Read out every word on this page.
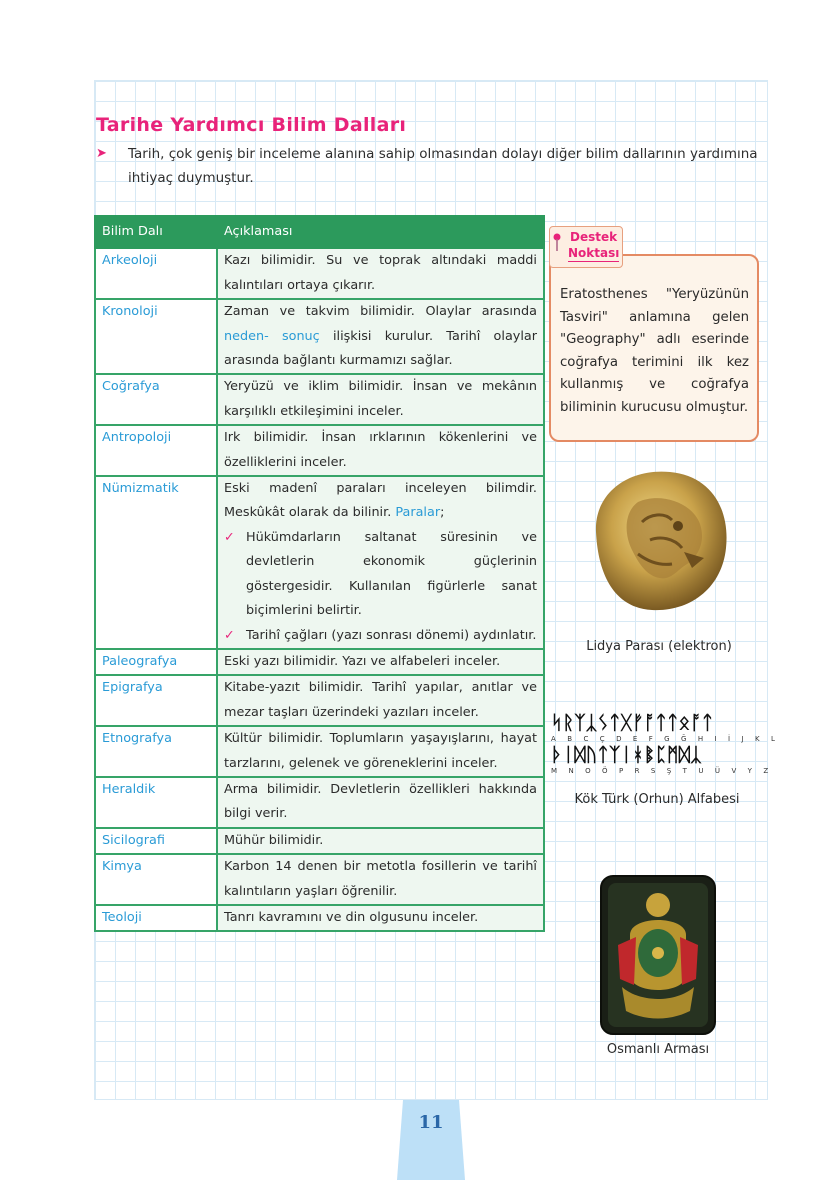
Tarihe Yardımcı Bilim Dalları
➤ Tarih, çok geniş bir inceleme alanına sahip olmasından dolayı diğer bilim dallarının yardımına ihtiyaç duymuştur.
Bilim Dalı	Açıklaması
Arkeoloji	Kazı bilimidir. Su ve toprak altındaki maddi kalıntıları ortaya çıkarır.
Kronoloji	Zaman ve takvim bilimidir. Olaylar arasında neden- sonuç ilişkisi kurulur. Tarihî olaylar arasında bağlantı kurmamızı sağlar.
Coğrafya	Yeryüzü ve iklim bilimidir. İnsan ve mekânın karşılıklı etkileşimini inceler.
Antropoloji	Irk bilimidir. İnsan ırklarının kökenlerini ve özelliklerini inceler.
Nümizmatik	Eski madenî paraları inceleyen bilimdir. Meskûkât olarak da bilinir. Paralar;
✓ Hükümdarların saltanat süresinin ve devletlerin ekonomik güçlerinin göstergesidir. Kullanılan figürlerle sanat biçimlerini belirtir.
✓ Tarihî çağları (yazı sonrası dönemi) aydınlatır.

Paleografya	Eski yazı bilimidir. Yazı ve alfabeleri inceler.
Epigrafya	Kitabe-yazıt bilimidir. Tarihî yapılar, anıtlar ve mezar taşları üzerindeki yazıları inceler.
Etnografya	Kültür bilimidir. Toplumların yaşayışlarını, hayat tarzlarını, gelenek ve göreneklerini inceler.
Heraldik	Arma bilimidir. Devletlerin özellikleri hakkında bilgi verir.
Sicilografi	Mühür bilimidir.
Kimya	Karbon 14 denen bir metotla fosillerin ve tarihî kalıntıların yaşları öğrenilir.
Teoloji	Tanrı kavramını ve din olgusunu inceler.
Eratosthenes "Yeryüzünün Tasviri" anlamına gelen "Geography" adlı eserinde coğrafya terimini ilk kez kullanmış ve coğrafya biliminin kurucusu olmuştur.
Destek
Noktası
Lidya Parası (elektron)
ᛋᚱᛉᛣᛊᛏᚷᚠᚩᛏᛏᛟᚩᛏ
A B C Ç D E F G Ğ H I İ J K L
ᚦᛁᛞᚢᛏᛉᛁᚼᛔᛈᛗᛞᛣ
M N O Ö P R S Ş T U Ü V Y Z
Kök Türk (Orhun) Alfabesi
Osmanlı Arması
11
